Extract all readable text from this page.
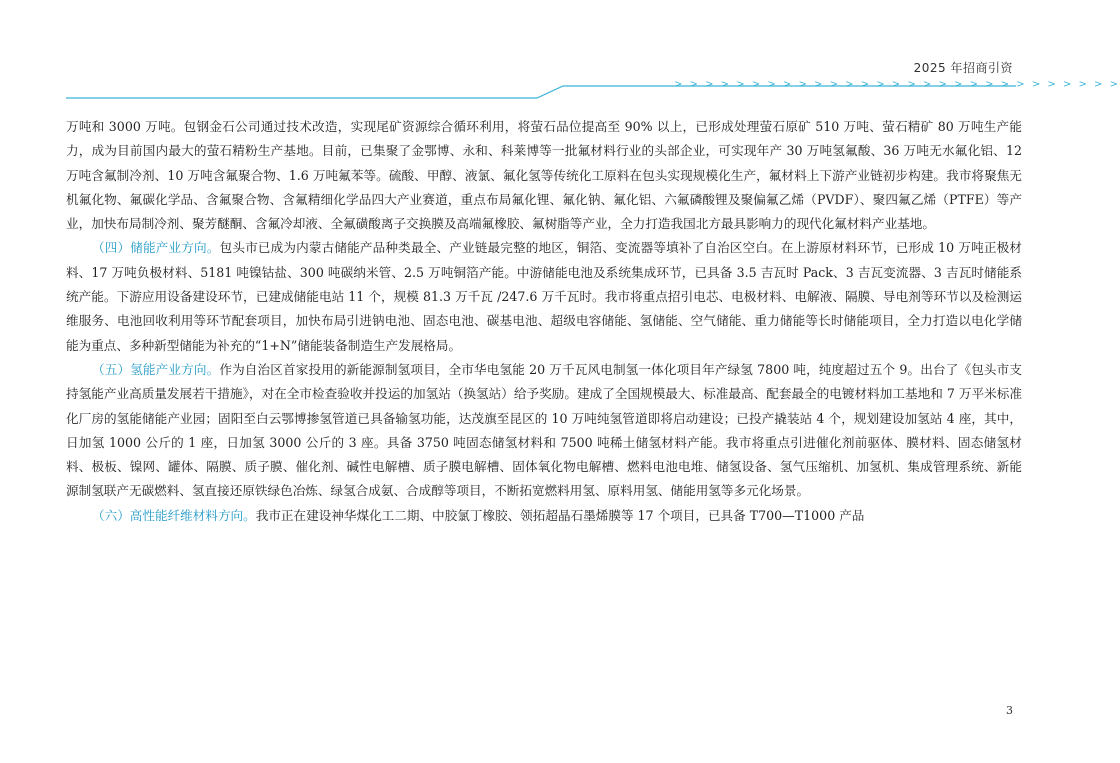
2025 年招商引资
> > > > > > > > > > > > > > > > > > > > > > > > > > > > >

万吨和 3000 万吨。包钢金石公司通过技术改造，实现尾矿资源综合循环利用，将萤石品位提高至 90% 以上，已形成处理萤石原矿 510 万吨、萤石精矿 80 万吨生产能力，成为目前国内最大的萤石精粉生产基地。目前，已集聚了金鄂博、永和、科莱博等一批氟材料行业的头部企业，可实现年产 30 万吨氢氟酸、36 万吨无水氟化铝、12 万吨含氟制冷剂、10 万吨含氟聚合物、1.6 万吨氟苯等。硫酸、甲醇、液氯、氟化氢等传统化工原料在包头实现规模化生产，氟材料上下游产业链初步构建。我市将聚焦无机氟化物、氟碳化学品、含氟聚合物、含氟精细化学品四大产业赛道，重点布局氟化锂、氟化钠、氟化铝、六氟磷酸锂及聚偏氟乙烯（PVDF）、聚四氟乙烯（PTFE）等产业，加快布局制冷剂、聚芳醚酮、含氟冷却液、全氟磺酸离子交换膜及高端氟橡胶、氟树脂等产业，全力打造我国北方最具影响力的现代化氟材料产业基地。

（四）储能产业方向。包头市已成为内蒙古储能产品种类最全、产业链最完整的地区，铜箔、变流器等填补了自治区空白。在上游原材料环节，已形成 10 万吨正极材料、17 万吨负极材料、5181 吨镍钴盐、300 吨碳纳米管、2.5 万吨铜箔产能。中游储能电池及系统集成环节，已具备 3.5 吉瓦时 Pack、3 吉瓦变流器、3 吉瓦时储能系统产能。下游应用设备建设环节，已建成储能电站 11 个，规模 81.3 万千瓦 /247.6 万千瓦时。我市将重点招引电芯、电极材料、电解液、隔膜、导电剂等环节以及检测运维服务、电池回收利用等环节配套项目，加快布局引进钠电池、固态电池、碳基电池、超级电容储能、氢储能、空气储能、重力储能等长时储能项目，全力打造以电化学储能为重点、多种新型储能为补充的“1+N”储能装备制造生产发展格局。

（五）氢能产业方向。作为自治区首家投用的新能源制氢项目，全市华电氢能 20 万千瓦风电制氢一体化项目年产绿氢 7800 吨，纯度超过五个 9。出台了《包头市支持氢能产业高质量发展若干措施》，对在全市检查验收并投运的加氢站（换氢站）给予奖励。建成了全国规模最大、标准最高、配套最全的电镀材料加工基地和 7 万平米标准化厂房的氢能储能产业园；固阳至白云鄂博掺氢管道已具备输氢功能，达茂旗至昆区的 10 万吨纯氢管道即将启动建设；已投产撬装站 4 个，规划建设加氢站 4 座，其中，日加氢 1000 公斤的 1 座，日加氢 3000 公斤的 3 座。具备 3750 吨固态储氢材料和 7500 吨稀土储氢材料产能。我市将重点引进催化剂前驱体、膜材料、固态储氢材料、极板、镍网、罐体、隔膜、质子膜、催化剂、碱性电解槽、质子膜电解槽、固体氧化物电解槽、燃料电池电堆、储氢设备、氢气压缩机、加氢机、集成管理系统、新能源制氢联产无碳燃料、氢直接还原铁绿色冶炼、绿氢合成氨、合成醇等项目，不断拓宽燃料用氢、原料用氢、储能用氢等多元化场景。

（六）高性能纤维材料方向。我市正在建设神华煤化工二期、中胶氯丁橡胶、领拓超晶石墨烯膜等 17 个项目，已具备 T700—T1000 产品

3
